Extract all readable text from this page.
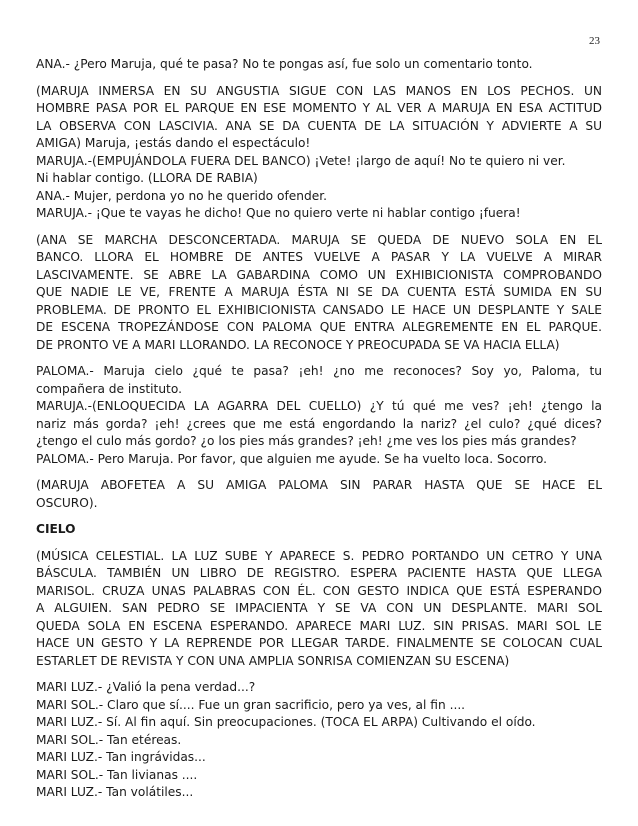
23

ANA.- ¿Pero Maruja, qué te pasa? No te pongas así, fue solo un comentario tonto.

(MARUJA INMERSA EN SU ANGUSTIA SIGUE CON LAS MANOS EN LOS PECHOS. UN

HOMBRE PASA POR EL PARQUE EN ESE MOMENTO Y AL VER A MARUJA EN ESA ACTITUD

LA OBSERVA CON LASCIVIA. ANA SE DA CUENTA DE LA SITUACIÓN Y ADVIERTE A SU

AMIGA) Maruja, ¡estás dando el espectáculo!

MARUJA.-(EMPUJÁNDOLA FUERA DEL BANCO) ¡Vete! ¡largo de aquí! No te quiero ni ver.

Ni hablar contigo. (LLORA DE RABIA)

ANA.- Mujer, perdona yo no he querido ofender.

MARUJA.- ¡Que te vayas he dicho! Que no quiero verte ni hablar contigo ¡fuera!

(ANA SE MARCHA DESCONCERTADA. MARUJA SE QUEDA DE NUEVO SOLA EN EL

BANCO. LLORA EL HOMBRE DE ANTES VUELVE A PASAR Y LA VUELVE A MIRAR

LASCIVAMENTE. SE ABRE LA GABARDINA COMO UN EXHIBICIONISTA COMPROBANDO

QUE NADIE LE VE, FRENTE A MARUJA ÉSTA NI SE DA CUENTA ESTÁ SUMIDA EN SU

PROBLEMA. DE PRONTO EL EXHIBICIONISTA CANSADO LE HACE UN DESPLANTE Y SALE

DE ESCENA TROPEZÁNDOSE CON PALOMA QUE ENTRA ALEGREMENTE EN EL PARQUE.

DE PRONTO VE A MARI LLORANDO. LA RECONOCE Y PREOCUPADA SE VA HACIA ELLA)

PALOMA.- Maruja cielo ¿qué te pasa? ¡eh! ¿no me reconoces? Soy yo, Paloma, tu

compañera de instituto.

MARUJA.-(ENLOQUECIDA LA AGARRA DEL CUELLO) ¿Y tú qué me ves? ¡eh! ¿tengo la

nariz más gorda? ¡eh! ¿crees que me está engordando la nariz? ¿el culo? ¿qué dices?

¿tengo el culo más gordo? ¿o los pies más grandes? ¡eh! ¿me ves los pies más grandes?

PALOMA.- Pero Maruja. Por favor, que alguien me ayude. Se ha vuelto loca. Socorro.

(MARUJA ABOFETEA A SU AMIGA PALOMA SIN PARAR HASTA QUE SE HACE EL

OSCURO).

CIELO

(MÚSICA CELESTIAL. LA LUZ SUBE Y APARECE S. PEDRO PORTANDO UN CETRO Y UNA

BÁSCULA. TAMBIÉN UN LIBRO DE REGISTRO. ESPERA PACIENTE HASTA QUE LLEGA

MARISOL. CRUZA UNAS PALABRAS CON ÉL. CON GESTO INDICA QUE ESTÁ ESPERANDO

A ALGUIEN. SAN PEDRO SE IMPACIENTA Y SE VA CON UN DESPLANTE. MARI SOL

QUEDA SOLA EN ESCENA ESPERANDO. APARECE MARI LUZ. SIN PRISAS. MARI SOL LE

HACE UN GESTO Y LA REPRENDE POR LLEGAR TARDE. FINALMENTE SE COLOCAN CUAL

ESTARLET DE REVISTA Y CON UNA AMPLIA SONRISA COMIENZAN SU ESCENA)

MARI LUZ.- ¿Valió la pena verdad...?

MARI SOL.- Claro que sí.... Fue un gran sacrificio, pero ya ves, al fin ....

MARI LUZ.- Sí. Al fin aquí. Sin preocupaciones. (TOCA EL ARPA) Cultivando el oído.

MARI SOL.- Tan etéreas.

MARI LUZ.- Tan ingrávidas...

MARI SOL.- Tan livianas ....

MARI LUZ.- Tan volátiles...
